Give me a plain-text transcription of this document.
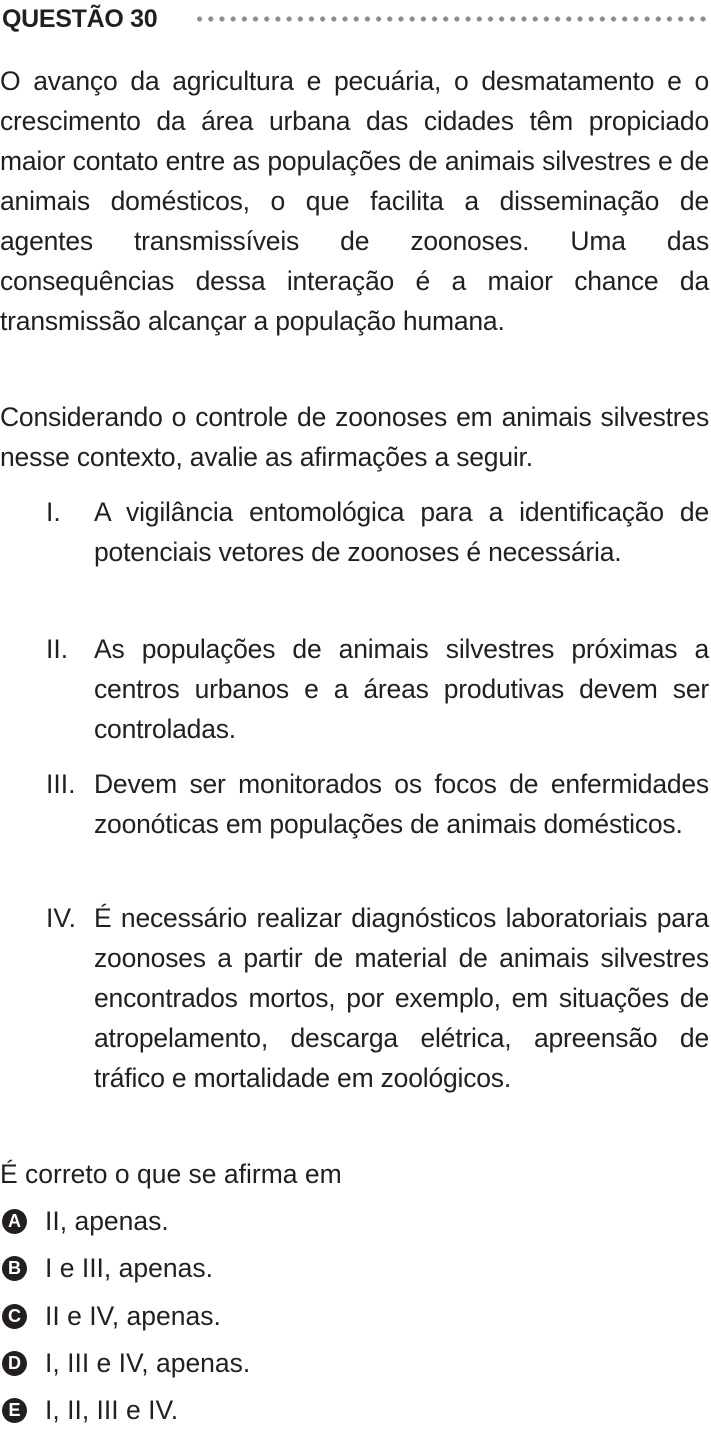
QUESTÃO 30

O avanço da agricultura e pecuária, o desmatamento e o crescimento da área urbana das cidades têm propiciado maior contato entre as populações de animais silvestres e de animais domésticos, o que facilita a disseminação de agentes transmissíveis de zoonoses. Uma das consequências dessa interação é a maior chance da transmissão alcançar a população humana.

Considerando o controle de zoonoses em animais silvestres nesse contexto, avalie as afirmações a seguir.

I. A vigilância entomológica para a identificação de potenciais vetores de zoonoses é necessária.

II. As populações de animais silvestres próximas a centros urbanos e a áreas produtivas devem ser controladas.

III. Devem ser monitorados os focos de enfermidades zoonóticas em populações de animais domésticos.

IV. É necessário realizar diagnósticos laboratoriais para zoonoses a partir de material de animais silvestres encontrados mortos, por exemplo, em situações de atropelamento, descarga elétrica, apreensão de tráfico e mortalidade em zoológicos.

É correto o que se afirma em

A II, apenas.
B I e III, apenas.
C II e IV, apenas.
D I, III e IV, apenas.
E I, II, III e IV.
